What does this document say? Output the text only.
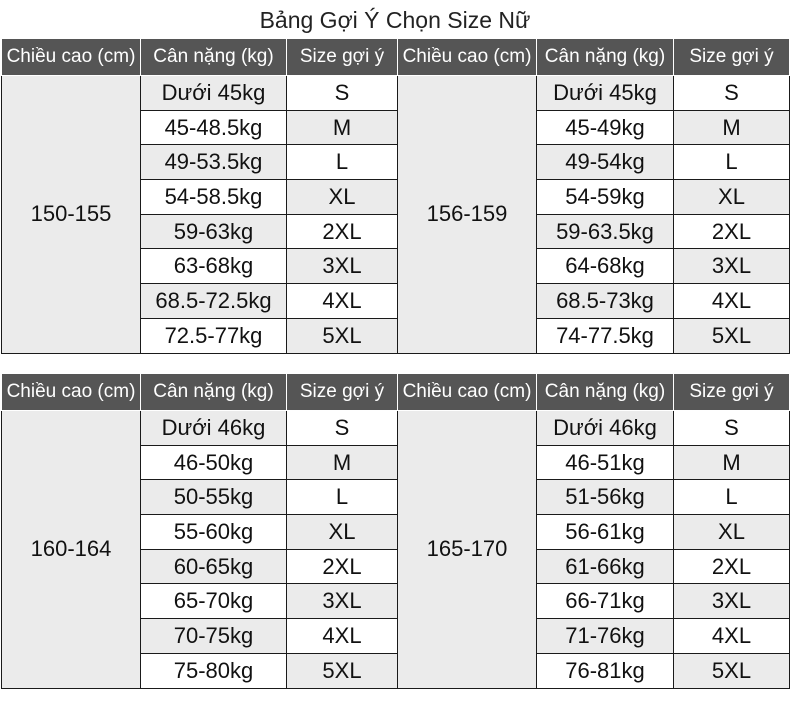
Bảng Gợi Ý Chọn Size Nữ
Chiều cao (cm)	Cân nặng (kg)	Size gợi ý	Chiều cao (cm)	Cân nặng (kg)	Size gợi ý
150-155	Dưới 45kg	S	156-159	Dưới 45kg	S
	45-48.5kg	M		45-49kg	M
	49-53.5kg	L		49-54kg	L
	54-58.5kg	XL		54-59kg	XL
	59-63kg	2XL		59-63.5kg	2XL
	63-68kg	3XL		64-68kg	3XL
	68.5-72.5kg	4XL		68.5-73kg	4XL
	72.5-77kg	5XL		74-77.5kg	5XL
Chiều cao (cm)	Cân nặng (kg)	Size gợi ý	Chiều cao (cm)	Cân nặng (kg)	Size gợi ý
160-164	Dưới 46kg	S	165-170	Dưới 46kg	S
	46-50kg	M		46-51kg	M
	50-55kg	L		51-56kg	L
	55-60kg	XL		56-61kg	XL
	60-65kg	2XL		61-66kg	2XL
	65-70kg	3XL		66-71kg	3XL
	70-75kg	4XL		71-76kg	4XL
	75-80kg	5XL		76-81kg	5XL
